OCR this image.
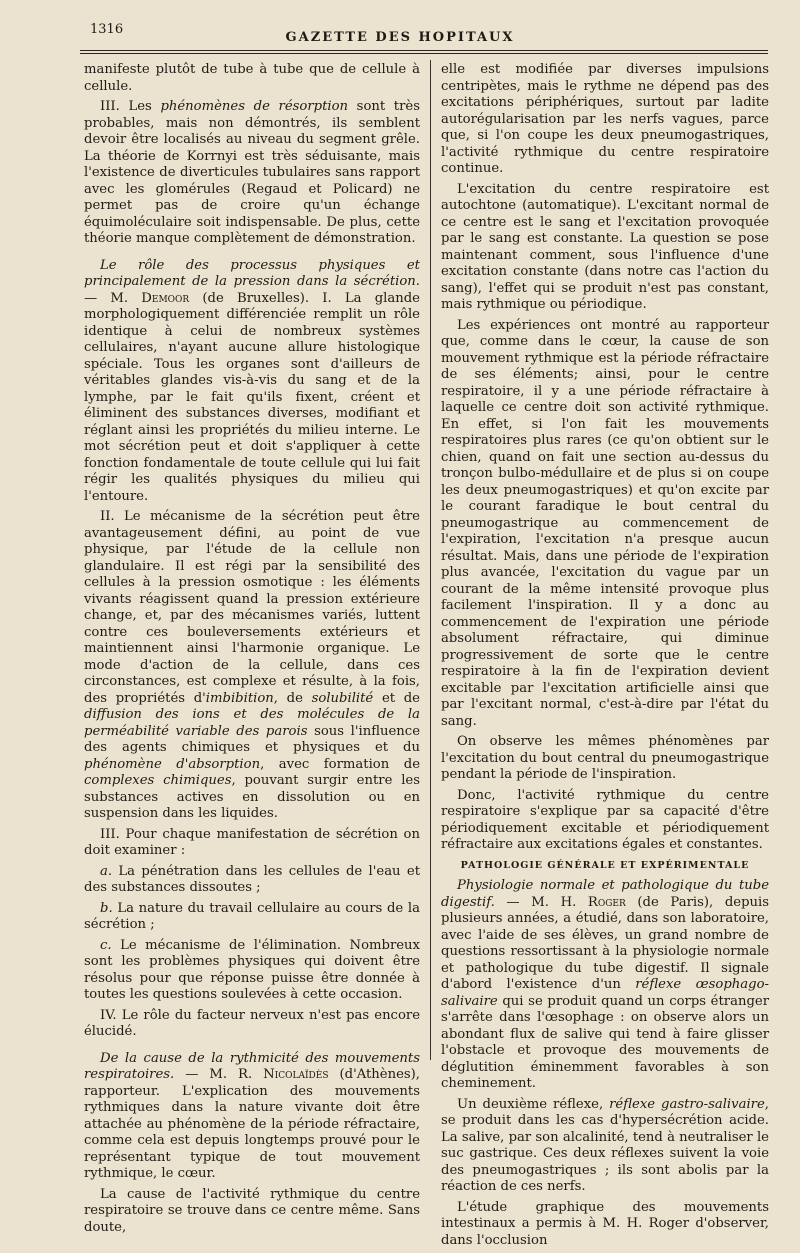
1316
GAZETTE DES HOPITAUX

manifeste plutôt de tube à tube que de cellule à cellule.

III. Les phénomènes de résorption sont très probables, mais non démontrés, ils semblent devoir être localisés au niveau du segment grêle. La théorie de Korrnyi est très séduisante, mais l'existence de diverticules tubulaires sans rapport avec les glomérules (Regaud et Policard) ne permet pas de croire qu'un échange équimoléculaire soit indispensable. De plus, cette théorie manque complètement de démonstration.

Le rôle des processus physiques et principalement de la pression dans la sécrétion. — M. Demoor (de Bruxelles). I. La glande morphologiquement différenciée remplit un rôle identique à celui de nombreux systèmes cellulaires, n'ayant aucune allure histologique spéciale. Tous les organes sont d'ailleurs de véritables glandes vis-à-vis du sang et de la lymphe, par le fait qu'ils fixent, créent et éliminent des substances diverses, modifiant et réglant ainsi les propriétés du milieu interne. Le mot sécrétion peut et doit s'appliquer à cette fonction fondamentale de toute cellule qui lui fait régir les qualités physiques du milieu qui l'entoure.

II. Le mécanisme de la sécrétion peut être avantageusement défini, au point de vue physique, par l'étude de la cellule non glandulaire. Il est régi par la sensibilité des cellules à la pression osmotique : les éléments vivants réagissent quand la pression extérieure change, et, par des mécanismes variés, luttent contre ces bouleversements extérieurs et maintiennent ainsi l'harmonie organique. Le mode d'action de la cellule, dans ces circonstances, est complexe et résulte, à la fois, des propriétés d'imbibition, de solubilité et de diffusion des ions et des molécules de la perméabilité variable des parois sous l'influence des agents chimiques et physiques et du phénomène d'absorption, avec formation de complexes chimiques, pouvant surgir entre les substances actives en dissolution ou en suspension dans les liquides.

III. Pour chaque manifestation de sécrétion on doit examiner :

a. La pénétration dans les cellules de l'eau et des substances dissoutes ;

b. La nature du travail cellulaire au cours de la sécrétion ;

c. Le mécanisme de l'élimination. Nombreux sont les problèmes physiques qui doivent être résolus pour que réponse puisse être donnée à toutes les questions soulevées à cette occasion.

IV. Le rôle du facteur nerveux n'est pas encore élucidé.

De la cause de la rythmicité des mouvements respiratoires. — M. R. Nicolaïdès (d'Athènes), rapporteur. L'explication des mouvements rythmiques dans la nature vivante doit être attachée au phénomène de la période réfractaire, comme cela est depuis longtemps prouvé pour le représentant typique de tout mouvement rythmique, le cœur.

La cause de l'activité rythmique du centre respiratoire se trouve dans ce centre même. Sans doute,

elle est modifiée par diverses impulsions centripètes, mais le rythme ne dépend pas des excitations périphériques, surtout par ladite autorégularisation par les nerfs vagues, parce que, si l'on coupe les deux pneumogastriques, l'activité rythmique du centre respiratoire continue.

L'excitation du centre respiratoire est autochtone (automatique). L'excitant normal de ce centre est le sang et l'excitation provoquée par le sang est constante. La question se pose maintenant comment, sous l'influence d'une excitation constante (dans notre cas l'action du sang), l'effet qui se produit n'est pas constant, mais rythmique ou périodique.

Les expériences ont montré au rapporteur que, comme dans le cœur, la cause de son mouvement rythmique est la période réfractaire de ses éléments; ainsi, pour le centre respiratoire, il y a une période réfractaire à laquelle ce centre doit son activité rythmique. En effet, si l'on fait les mouvements respiratoires plus rares (ce qu'on obtient sur le chien, quand on fait une section au-dessus du tronçon bulbo-médullaire et de plus si on coupe les deux pneumogastriques) et qu'on excite par le courant faradique le bout central du pneumogastrique au commencement de l'expiration, l'excitation n'a presque aucun résultat. Mais, dans une période de l'expiration plus avancée, l'excitation du vague par un courant de la même intensité provoque plus facilement l'inspiration. Il y a donc au commencement de l'expiration une période absolument réfractaire, qui diminue progressivement de sorte que le centre respiratoire à la fin de l'expiration devient excitable par l'excitation artificielle ainsi que par l'excitant normal, c'est-à-dire par l'état du sang.

On observe les mêmes phénomènes par l'excitation du bout central du pneumogastrique pendant la période de l'inspiration.

Donc, l'activité rythmique du centre respiratoire s'explique par sa capacité d'être périodiquement excitable et périodiquement réfractaire aux excitations égales et constantes.

PATHOLOGIE GÉNÉRALE ET EXPÉRIMENTALE

Physiologie normale et pathologique du tube digestif. — M. H. Roger (de Paris), depuis plusieurs années, a étudié, dans son laboratoire, avec l'aide de ses élèves, un grand nombre de questions ressortissant à la physiologie normale et pathologique du tube digestif. Il signale d'abord l'existence d'un réflexe œsophago-salivaire qui se produit quand un corps étranger s'arrête dans l'œsophage : on observe alors un abondant flux de salive qui tend à faire glisser l'obstacle et provoque des mouvements de déglutition éminemment favorables à son cheminement.

Un deuxième réflexe, réflexe gastro-salivaire, se produit dans les cas d'hypersécrétion acide. La salive, par son alcalinité, tend à neutraliser le suc gastrique. Ces deux réflexes suivent la voie des pneumogastriques ; ils sont abolis par la réaction de ces nerfs.

L'étude graphique des mouvements intestinaux a permis à M. H. Roger d'observer, dans l'occlusion
